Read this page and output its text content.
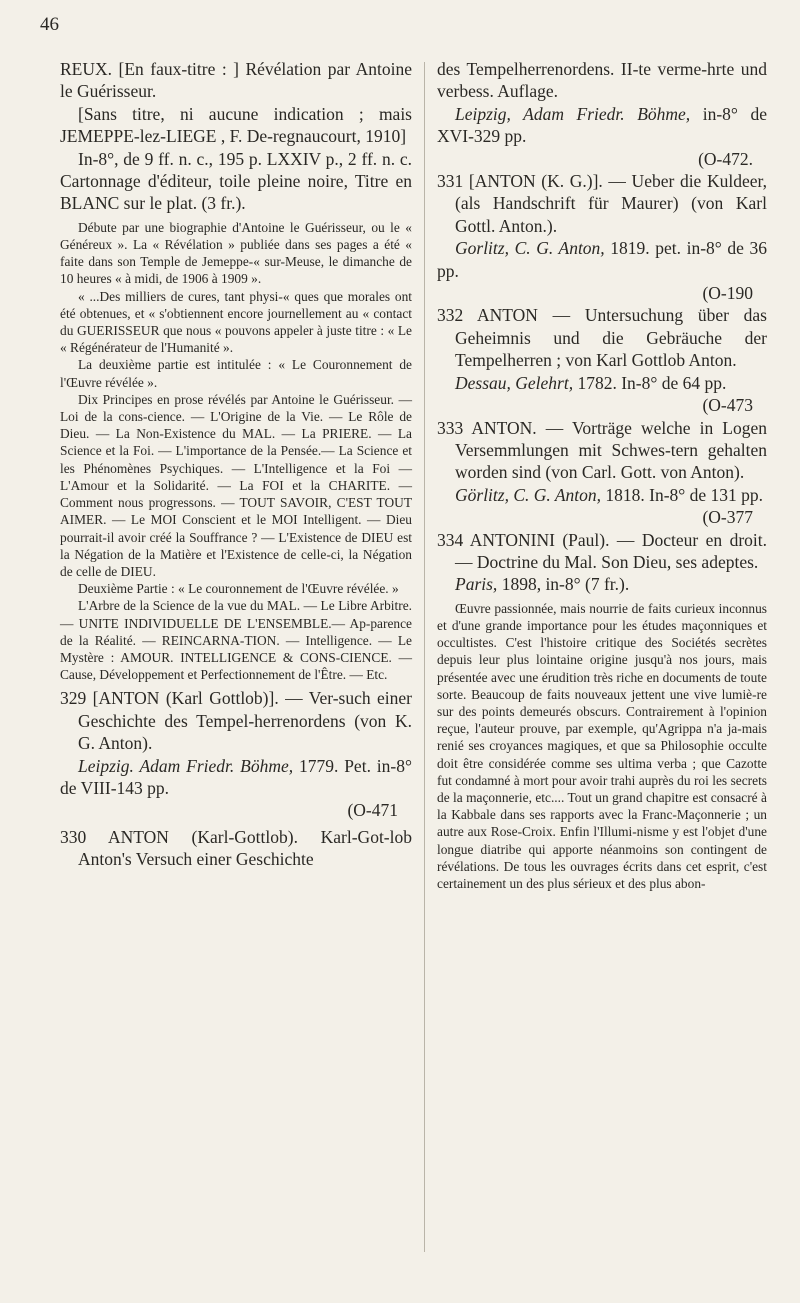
46
REUX. [En faux-titre : ] Révélation par Antoine le Guérisseur.
[Sans titre, ni aucune indication ; mais JEMEPPE-lez-LIEGE , F. De-regnaucourt, 1910]
In-8°, de 9 ff. n. c., 195 p. LXXIV p., 2 ff. n. c. Cartonnage d'éditeur, toile pleine noire, Titre en BLANC sur le plat. (3 fr.).
Débute par une biographie d'Antoine le Guérisseur, ou le « Généreux ». La « Révélation » publiée dans ses pages a été « faite dans son Temple de Jemeppe-« sur-Meuse, le dimanche de 10 heures « à midi, de 1906 à 1909 ».
« ...Des milliers de cures, tant physi-« ques que morales ont été obtenues, et « s'obtiennent encore journellement au « contact du GUERISSEUR que nous « pouvons appeler à juste titre : « Le « Régénérateur de l'Humanité ».
La deuxième partie est intitulée : « Le Couronnement de l'Œuvre révélée ».
Dix Principes en prose révélés par Antoine le Guérisseur. — Loi de la cons-cience. — L'Origine de la Vie. — Le Rôle de Dieu. — La Non-Existence du MAL. — La PRIERE. — La Science et la Foi. — L'importance de la Pensée.— La Science et les Phénomènes Psychiques. — L'Intelligence et la Foi — L'Amour et la Solidarité. — La FOI et la CHARITE. — Comment nous progressons. — TOUT SAVOIR, C'EST TOUT AIMER. — Le MOI Conscient et le MOI Intelligent. — Dieu pourrait-il avoir créé la Souffrance ? — L'Existence de DIEU est la Négation de la Matière et l'Existence de celle-ci, la Négation de celle de DIEU.
Deuxième Partie : « Le couronnement de l'Œuvre révélée. »
L'Arbre de la Science de la vue du MAL. — Le Libre Arbitre. — UNITE INDIVIDUELLE DE L'ENSEMBLE.— Ap-parence de la Réalité. — REINCARNA-TION. — Intelligence. — Le Mystère : AMOUR. INTELLIGENCE & CONS-CIENCE. — Cause, Développement et Perfectionnement de l'Être. — Etc.
329 [ANTON (Karl Gottlob)]. — Ver-such einer Geschichte des Tempel-herrenordens (von K. G. Anton).
Leipzig. Adam Friedr. Böhme, 1779. Pet. in-8° de VIII-143 pp.
(O-471
330 ANTON (Karl-Gottlob). Karl-Got-lob Anton's Versuch einer Geschichte
des Tempelherrenordens. II-te verme-hrte und verbess. Auflage.
Leipzig, Adam Friedr. Böhme, in-8° de XVI-329 pp.
(O-472.
331 [ANTON (K. G.)]. — Ueber die Kuldeer, (als Handschrift für Maurer) (von Karl Gottl. Anton.).
Gorlitz, C. G. Anton, 1819. pet. in-8° de 36 pp.
(O-190
332 ANTON — Untersuchung über das Geheimnis und die Gebräuche der Tempelherren ; von Karl Gottlob Anton.
Dessau, Gelehrt, 1782. In-8° de 64 pp.
(O-473
333 ANTON. — Vorträge welche in Logen Versemmlungen mit Schwes-tern gehalten worden sind (von Carl. Gott. von Anton).
Görlitz, C. G. Anton, 1818. In-8° de 131 pp.
(O-377
334 ANTONINI (Paul). — Docteur en droit. — Doctrine du Mal. Son Dieu, ses adeptes.
Paris, 1898, in-8° (7 fr.).
Œuvre passionnée, mais nourrie de faits curieux inconnus et d'une grande importance pour les études maçonniques et occultistes. C'est l'histoire critique des Sociétés secrètes depuis leur plus lointaine origine jusqu'à nos jours, mais présentée avec une érudition très riche en documents de toute sorte. Beaucoup de faits nouveaux jettent une vive lumiè-re sur des points demeurés obscurs. Contrairement à l'opinion reçue, l'auteur prouve, par exemple, qu'Agrippa n'a ja-mais renié ses croyances magiques, et que sa Philosophie occulte doit être considérée comme ses ultima verba ; que Cazotte fut condamné à mort pour avoir trahi auprès du roi les secrets de la maçonnerie, etc.... Tout un grand chapitre est consacré à la Kabbale dans ses rapports avec la Franc-Maçonnerie ; un autre aux Rose-Croix. Enfin l'Illumi-nisme y est l'objet d'une longue diatribe qui apporte néanmoins son contingent de révélations. De tous les ouvrages écrits dans cet esprit, c'est certainement un des plus sérieux et des plus abon-
